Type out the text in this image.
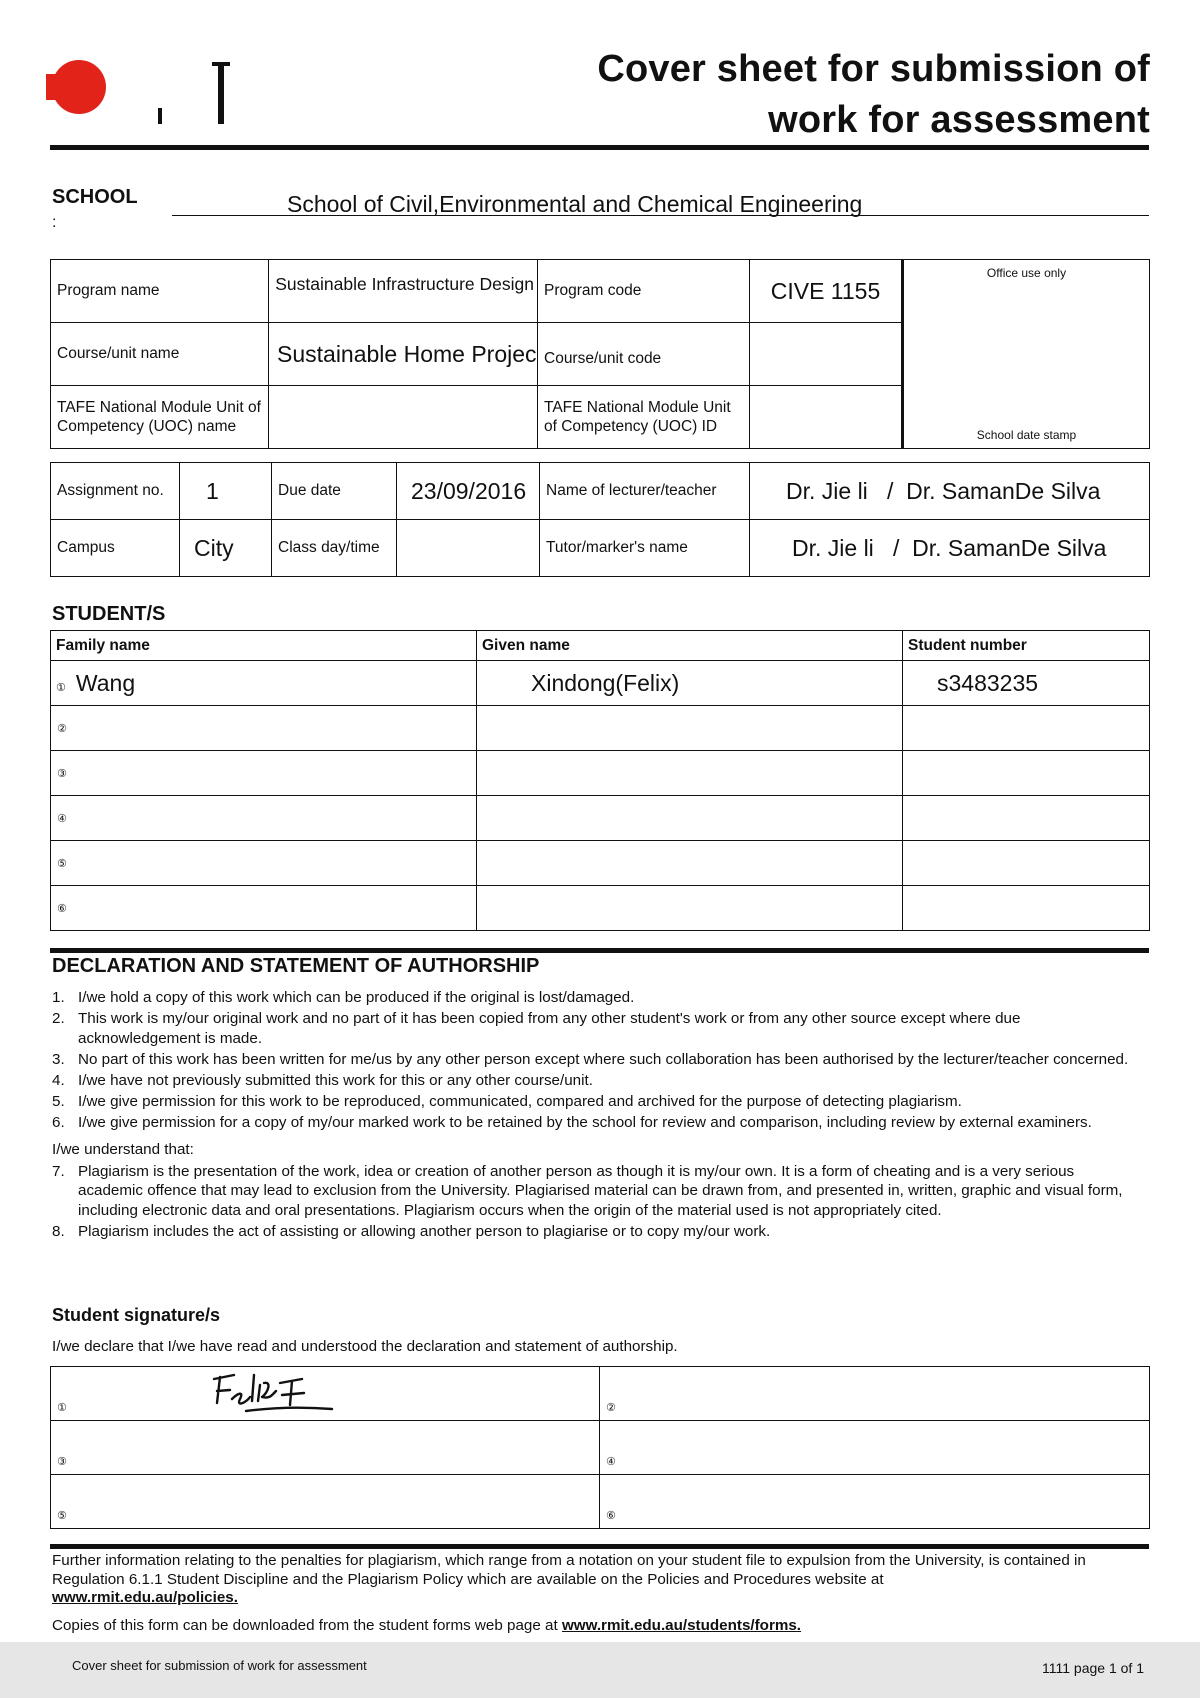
Cover sheet for submission of
work for assessment
SCHOOL
:
School of Civil,Environmental and Chemical Engineering
Program name	Sustainable Infrastructure Design	Program code	CIVE 1155	Office use only
School date stamp

Course/unit name	Sustainable Home Projec	Course/unit code		
TAFE National Module Unit of Competency (UOC) name		TAFE National Module Unit of Competency (UOC) ID		
Assignment no.	1	Due date	23/09/2016	Name of lecturer/teacher	Dr. Jie li   /  Dr. SamanDe Silva
Campus	City	Class day/time		Tutor/marker's name	Dr. Jie li   /  Dr. SamanDe Silva
STUDENT/S
Family name	Given name	Student number
① Wang	Xindong(Felix)	s3483235
②		
③		
④		
⑤		
⑥		
DECLARATION AND STATEMENT OF AUTHORSHIP
1. I/we hold a copy of this work which can be produced if the original is lost/damaged.
2. This work is my/our original work and no part of it has been copied from any other student's work or from any other source except where due acknowledgement is made.
3. No part of this work has been written for me/us by any other person except where such collaboration has been authorised by the lecturer/teacher concerned.
4. I/we have not previously submitted this work for this or any other course/unit.
5. I/we give permission for this work to be reproduced, communicated, compared and archived for the purpose of detecting plagiarism.
6. I/we give permission for a copy of my/our marked work to be retained by the school for review and comparison, including review by external examiners.
I/we understand that:
7. Plagiarism is the presentation of the work, idea or creation of another person as though it is my/our own. It is a form of cheating and is a very serious academic offence that may lead to exclusion from the University. Plagiarised material can be drawn from, and presented in, written, graphic and visual form, including electronic data and oral presentations. Plagiarism occurs when the origin of the material used is not appropriately cited.
8. Plagiarism includes the act of assisting or allowing another person to plagiarise or to copy my/our work.
Student signature/s
I/we declare that I/we have read and understood the declaration and statement of authorship.
①	②
③	④
⑤	⑥
Further information relating to the penalties for plagiarism, which range from a notation on your student file to expulsion from the University, is contained in Regulation 6.1.1 Student Discipline and the Plagiarism Policy which are available on the Policies and Procedures website at
www.rmit.edu.au/policies.
Copies of this form can be downloaded from the student forms web page at www.rmit.edu.au/students/forms.
Cover sheet for submission of work for assessment	1111 page 1 of 1
